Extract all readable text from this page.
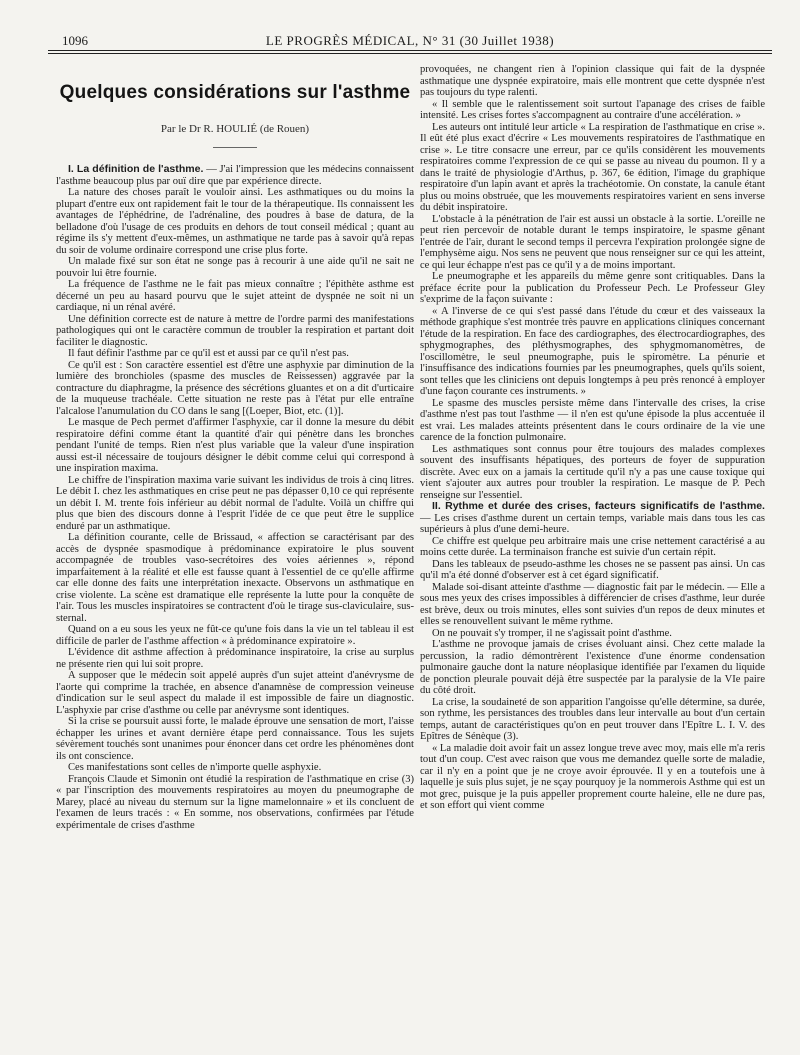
1096	LE PROGRÈS MÉDICAL, N° 31 (30 Juillet 1938)
Quelques considérations sur l'asthme
Par le Dr R. HOULIÉ (de Rouen)

I. La définition de l'asthme. — J'ai l'impression que les médecins connaissent l'asthme beaucoup plus par ouï dire que par expérience directe.

La nature des choses paraît le vouloir ainsi. Les asthmatiques ou du moins la plupart d'entre eux ont rapidement fait le tour de la thérapeutique. Ils connaissent les avantages de l'éphédrine, de l'adrénaline, des poudres à base de datura, de la belladone d'où l'usage de ces produits en dehors de tout conseil médical ; quant au régime ils s'y mettent d'eux-mêmes, un asthmatique ne tarde pas à savoir qu'à repas du soir de volume ordinaire correspond une crise plus forte.

Un malade fixé sur son état ne songe pas à recourir à une aide qu'il ne sait ne pouvoir lui être fournie.

La fréquence de l'asthme ne le fait pas mieux connaître ; l'épithète asthme est décerné un peu au hasard pourvu que le sujet atteint de dyspnée ne soit ni un cardiaque, ni un rénal avéré.

Une définition correcte est de nature à mettre de l'ordre parmi des manifestations pathologiques qui ont le caractère commun de troubler la respiration et partant doit faciliter le diagnostic.

Il faut définir l'asthme par ce qu'il est et aussi par ce qu'il n'est pas.

Ce qu'il est : Son caractère essentiel est d'être une asphyxie par diminution de la lumière des bronchioles (spasme des muscles de Reissessen) aggravée par la contracture du diaphragme, la présence des sécrétions gluantes et on a dit d'urticaire de la muqueuse trachéale. Cette situation ne reste pas à l'état pur elle entraîne l'alcalose l'anumulation du CO dans le sang [(Loeper, Biot, etc. (1)].

Le masque de Pech permet d'affirmer l'asphyxie, car il donne la mesure du débit respiratoire défini comme étant la quantité d'air qui pénètre dans les bronches pendant l'unité de temps. Rien n'est plus variable que la valeur d'une inspiration aussi est-il nécessaire de toujours désigner le débit comme celui qui correspond à une inspiration maxima.

Le chiffre de l'inspiration maxima varie suivant les individus de trois à cinq litres. Le débit I. chez les asthmatiques en crise peut ne pas dépasser 0,10 ce qui représente un débit I. M. trente fois inférieur au débit normal de l'adulte. Voilà un chiffre qui plus que bien des discours donne à l'esprit l'idée de ce que peut être le supplice enduré par un asthmatique.

La définition courante, celle de Brissaud, « affection se caractérisant par des accès de dyspnée spasmodique à prédominance expiratoire le plus souvent accompagnée de troubles vaso-secrétoires des voies aériennes », répond imparfaitement à la réalité et elle est fausse quant à l'essentiel de ce qu'elle affirme car elle donne des faits une interprétation inexacte. Observons un asthmatique en crise violente. La scène est dramatique elle représente la lutte pour la conquête de l'air. Tous les muscles inspiratoires se contractent d'où le tirage sus-claviculaire, sus-sternal.

Quand on a eu sous les yeux ne fût-ce qu'une fois dans la vie un tel tableau il est difficile de parler de l'asthme affection « à prédominance expiratoire ».

L'évidence dit asthme affection à prédominance inspiratoire, la crise au surplus ne présente rien qui lui soit propre.

A supposer que le médecin soit appelé auprès d'un sujet atteint d'anévrysme de l'aorte qui comprime la trachée, en absence d'anamnèse de compression veineuse d'indication sur le seul aspect du malade il est impossible de faire un diagnostic. L'asphyxie par crise d'asthme ou celle par anévrysme sont identiques.

Si la crise se poursuit aussi forte, le malade éprouve une sensation de mort, l'aisse échapper les urines et avant dernière étape perd connaissance. Tous les sujets sévèrement touchés sont unanimes pour énoncer dans cet ordre les phénomènes dont ils ont conscience.

Ces manifestations sont celles de n'importe quelle asphyxie.

François Claude et Simonin ont étudié la respiration de l'asthmatique en crise (3) « par l'inscription des mouvements respiratoires au moyen du pneumographe de Marey, placé au niveau du sternum sur la ligne mamelonnaire » et ils concluent de l'examen de leurs tracés : « En somme, nos observations, confirmées par l'étude expérimentale de crises d'asthme

provoquées, ne changent rien à l'opinion classique qui fait de la dyspnée asthmatique une dyspnée expiratoire, mais elle montrent que cette dyspnée n'est pas toujours du type ralenti.

« Il semble que le ralentissement soit surtout l'apanage des crises de faible intensité. Les crises fortes s'accompagnent au contraire d'une accélération. »

Les auteurs ont intitulé leur article « La respiration de l'asthmatique en crise ». Il eût été plus exact d'écrire « Les mouvements respiratoires de l'asthmatique en crise ». Le titre consacre une erreur, par ce qu'ils considèrent les mouvements respiratoires comme l'expression de ce qui se passe au niveau du poumon. Il y a dans le traité de physiologie d'Arthus, p. 367, 6e édition, l'image du graphique respiratoire d'un lapin avant et après la trachéotomie. On constate, la canule étant plus ou moins obstruée, que les mouvements respiratoires varient en sens inverse du débit inspiratoire.

L'obstacle à la pénétration de l'air est aussi un obstacle à la sortie. L'oreille ne peut rien percevoir de notable durant le temps inspiratoire, le spasme gênant l'entrée de l'air, durant le second temps il percevra l'expiration prolongée signe de l'emphysème aigu. Nos sens ne peuvent que nous renseigner sur ce qui les atteint, ce qui leur échappe n'est pas ce qu'il y a de moins important.

Le pneumographe et les appareils du même genre sont critiquables. Dans la préface écrite pour la publication du Professeur Pech. Le Professeur Gley s'exprime de la façon suivante :

« A l'inverse de ce qui s'est passé dans l'étude du cœur et des vaisseaux la méthode graphique s'est montrée très pauvre en applications cliniques concernant l'étude de la respiration. En face des cardiographes, des électrocardiographes, des sphygmographes, des pléthysmographes, des sphygmomanomètres, de l'oscillomètre, le seul pneumographe, puis le spiromètre. La pénurie et l'insuffisance des indications fournies par les pneumographes, quels qu'ils soient, sont telles que les cliniciens ont depuis longtemps à peu près renoncé à employer d'une façon courante ces instruments. »

Le spasme des muscles persiste même dans l'intervalle des crises, la crise d'asthme n'est pas tout l'asthme — il n'en est qu'une épisode la plus accentuée il est vrai. Les malades atteints présentent dans le cours ordinaire de la vie une carence de la fonction pulmonaire.

Les asthmatiques sont connus pour être toujours des malades complexes souvent des insuffisants hépatiques, des porteurs de foyer de suppuration discrète. Avec eux on a jamais la certitude qu'il n'y a pas une cause toxique qui vient s'ajouter aux autres pour troubler la respiration. Le masque de P. Pech renseigne sur l'essentiel.

II. Rythme et durée des crises, facteurs significatifs de l'asthme. — Les crises d'asthme durent un certain temps, variable mais dans tous les cas supérieurs à plus d'une demi-heure.

Ce chiffre est quelque peu arbitraire mais une crise nettement caractérisé a au moins cette durée. La terminaison franche est suivie d'un certain répit.

Dans les tableaux de pseudo-asthme les choses ne se passent pas ainsi. Un cas qu'il m'a été donné d'observer est à cet égard significatif.

Malade soi-disant atteinte d'asthme — diagnostic fait par le médecin. — Elle a sous mes yeux des crises impossibles à différencier de crises d'asthme, leur durée est brève, deux ou trois minutes, elles sont suivies d'un repos de deux minutes et elles se renouvellent suivant le même rythme.

On ne pouvait s'y tromper, il ne s'agissait point d'asthme.

L'asthme ne provoque jamais de crises évoluant ainsi. Chez cette malade la percussion, la radio démontrèrent l'existence d'une énorme condensation pulmonaire gauche dont la nature néoplasique identifiée par l'examen du liquide de ponction pleurale pouvait déjà être suspectée par la paralysie de la VIe paire du côté droit.

La crise, la soudaineté de son apparition l'angoisse qu'elle détermine, sa durée, son rythme, les persistances des troubles dans leur intervalle au bout d'un certain temps, autant de caractéristiques qu'on en peut trouver dans l'Epître L. I. V. des Epîtres de Sénèque (3).

« La maladie doit avoir fait un assez longue treve avec moy, mais elle m'a reris tout d'un coup. C'est avec raison que vous me demandez quelle sorte de maladie, car il n'y en a point que je ne croye avoir éprouvée. Il y en a toutefois une à laquelle je suis plus sujet, je ne sçay pourquoy je la nommerois Asthme qui est un mot grec, puisque je la puis appeller proprement courte haleine, elle ne dure pas, et son effort qui vient comme
